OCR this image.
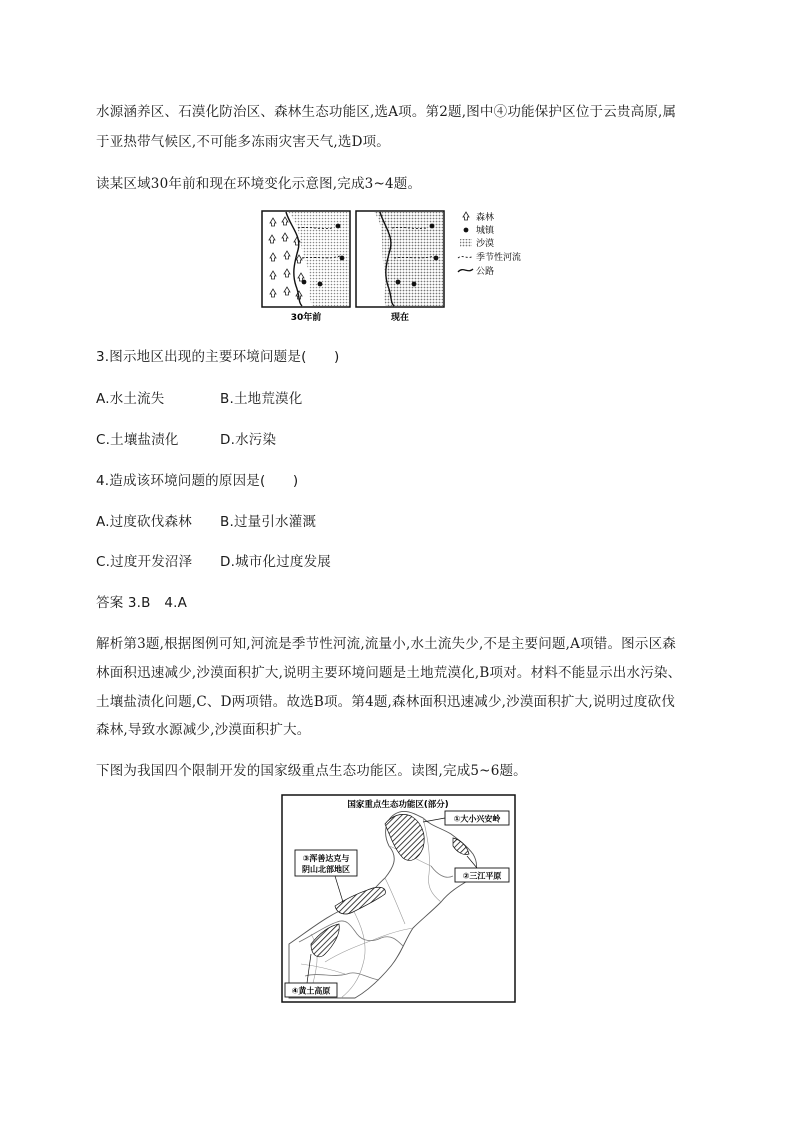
水源涵养区、石漠化防治区、森林生态功能区,选A项。第2题,图中④功能保护区位于云贵高原,属
于亚热带气候区,不可能多冻雨灾害天气,选D项。
读某区域30年前和现在环境变化示意图,完成3~4题。
30年前	现在
森林
城镇
沙漠
季节性河流
公路
3.图示地区出现的主要环境问题是(　　)
A.水土流失	B.土地荒漠化
C.土壤盐渍化	D.水污染
4.造成该环境问题的原因是(　　)
A.过度砍伐森林 B.过量引水灌溉
C.过度开发沼泽 D.城市化过度发展
答案 3.B　4.A
解析第3题,根据图例可知,河流是季节性河流,流量小,水土流失少,不是主要问题,A项错。图示区森
林面积迅速减少,沙漠面积扩大,说明主要环境问题是土地荒漠化,B项对。材料不能显示出水污染、
土壤盐渍化问题,C、D两项错。故选B项。第4题,森林面积迅速减少,沙漠面积扩大,说明过度砍伐
森林,导致水源减少,沙漠面积扩大。
下图为我国四个限制开发的国家级重点生态功能区。读图,完成5~6题。
国家重点生态功能区(部分)
①大小兴安岭
②三江平原
③浑善达克与
阴山北部地区
④黄土高原
